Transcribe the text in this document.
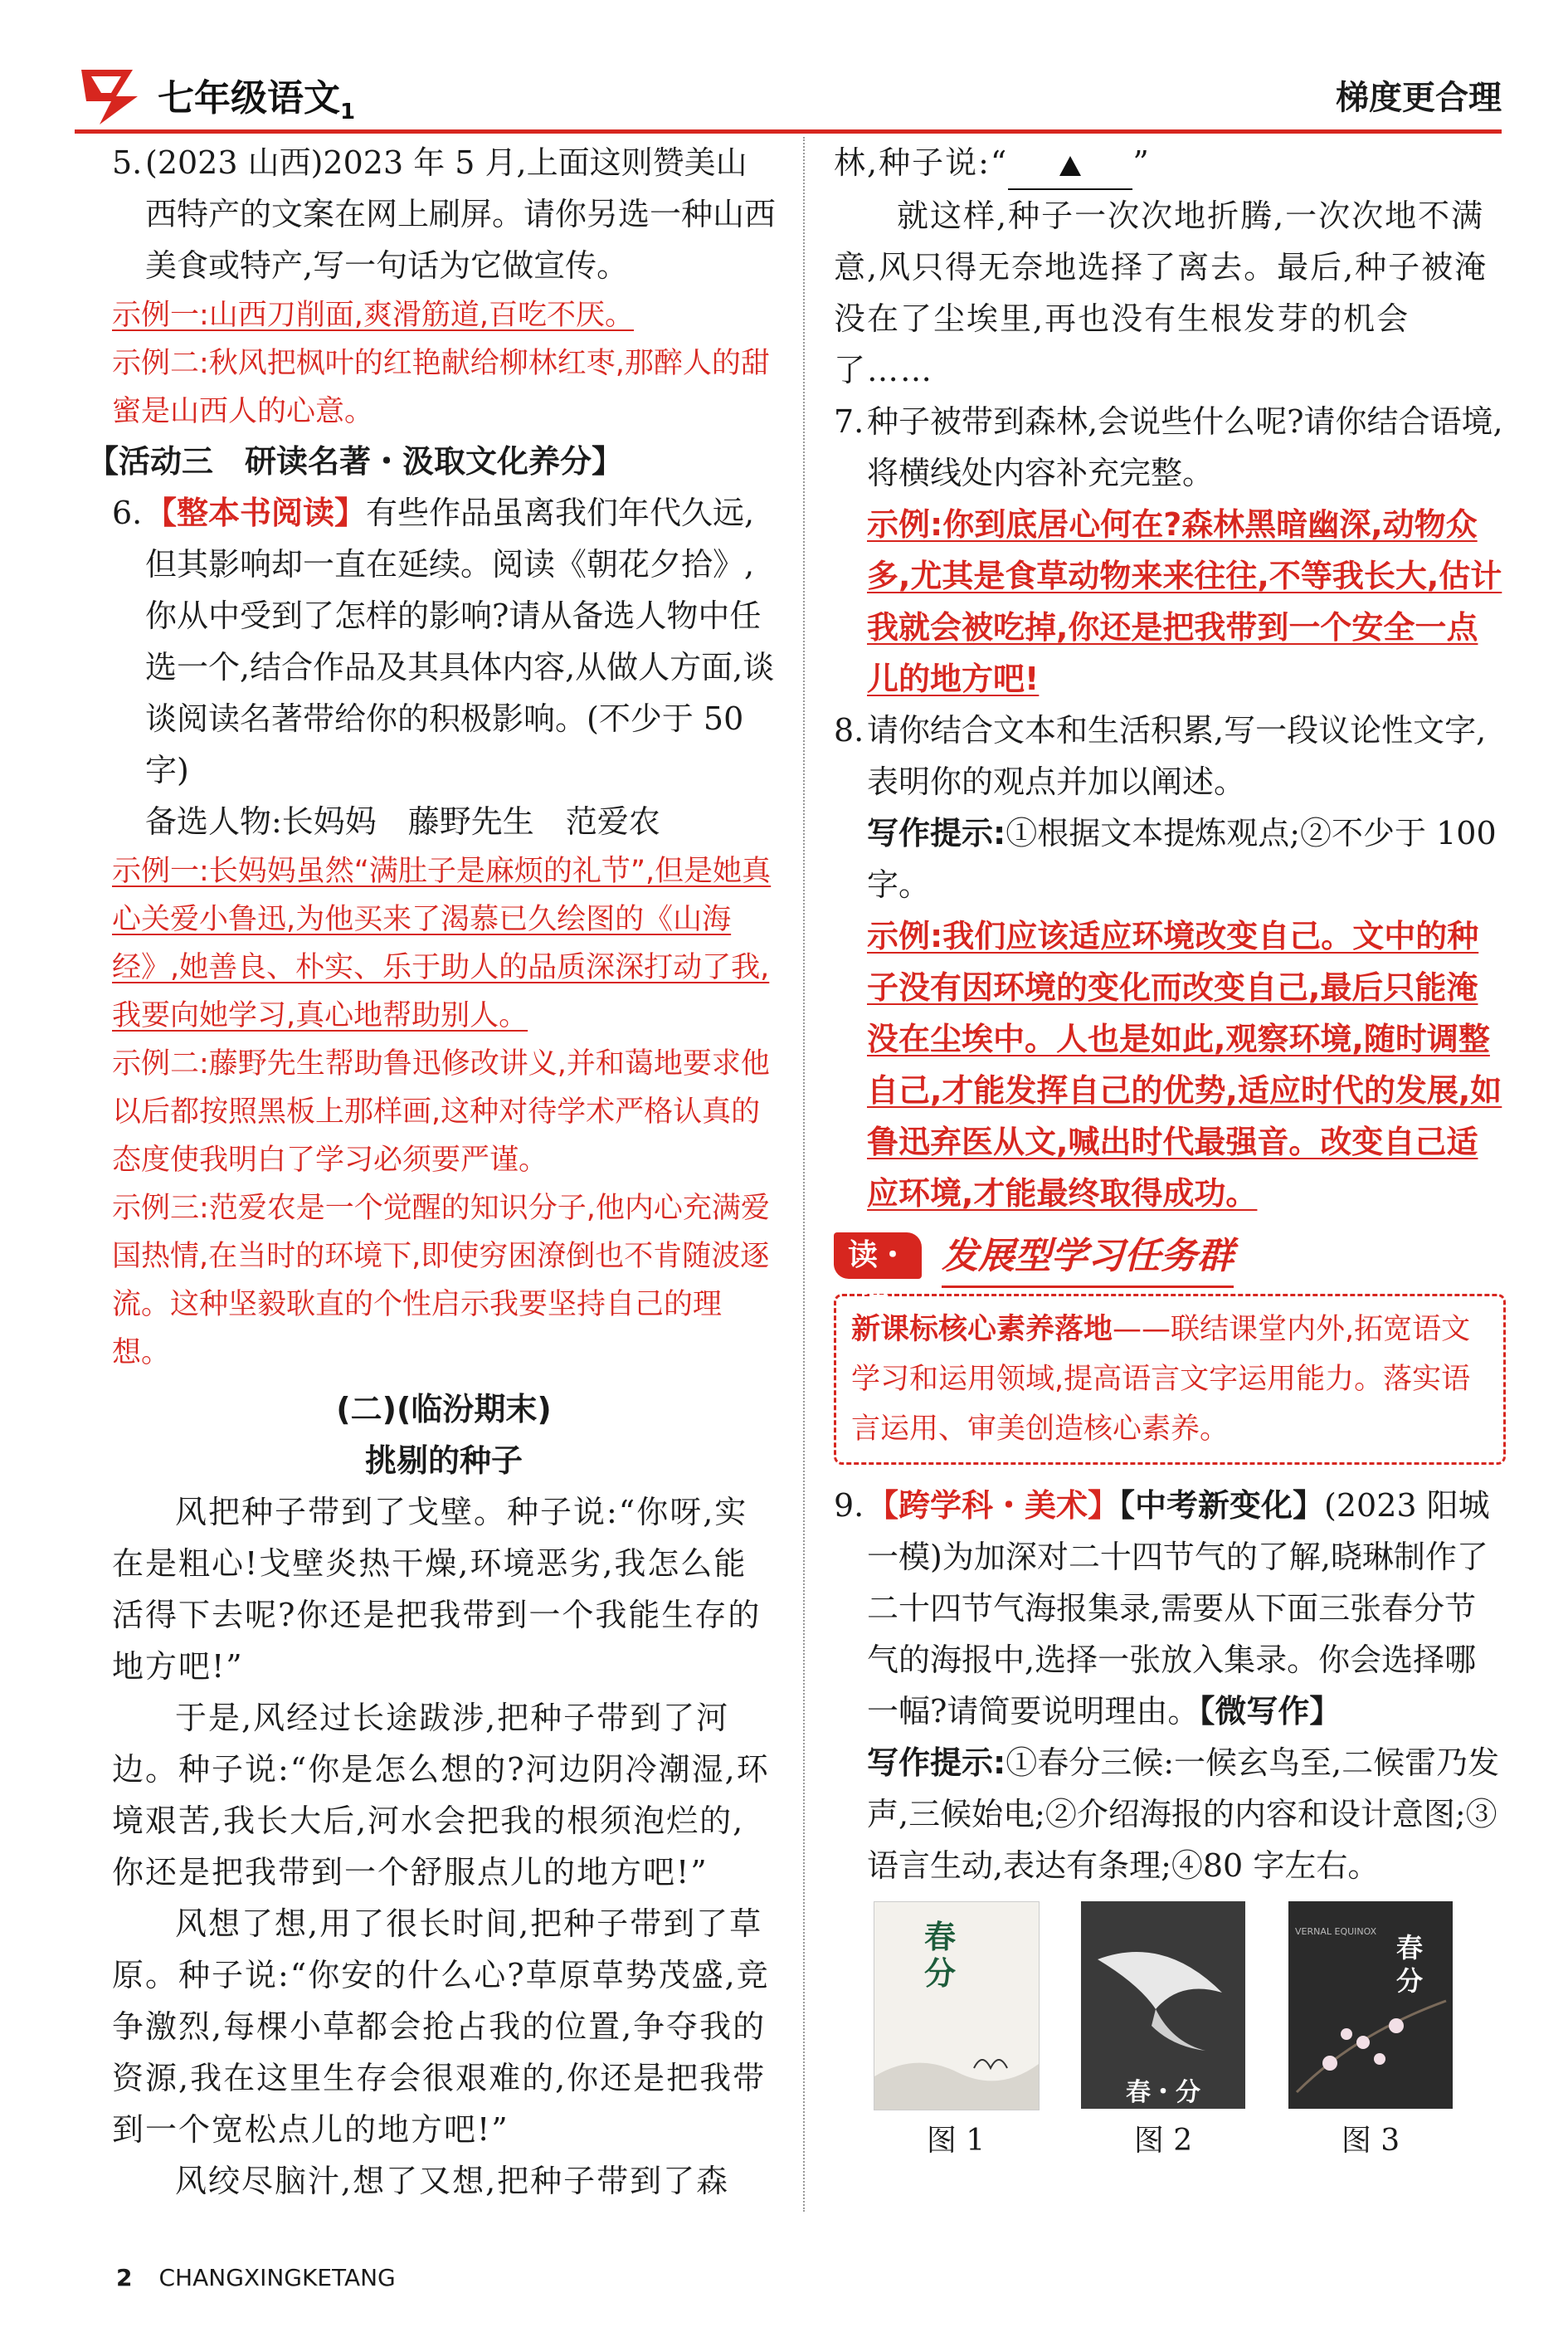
七年级语文$_1$	梯度更合理

5.(2023 山西)2023 年 5 月,上面这则赞美山西特产的文案在网上刷屏。请你另选一种山西美食或特产,写一句话为它做宣传。

示例一:山西刀削面,爽滑筋道,百吃不厌。

示例二:秋风把枫叶的红艳献给柳林红枣,那醉人的甜蜜是山西人的心意。

【活动三　研读名著・汲取文化养分】

6.【整本书阅读】有些作品虽离我们年代久远,但其影响却一直在延续。阅读《朝花夕拾》,你从中受到了怎样的影响?请从备选人物中任选一个,结合作品及其具体内容,从做人方面,谈谈阅读名著带给你的积极影响。(不少于 50 字)

备选人物:长妈妈　藤野先生　范爱农

示例一:长妈妈虽然“满肚子是麻烦的礼节”,但是她真心关爱小鲁迅,为他买来了渴慕已久绘图的《山海经》,她善良、朴实、乐于助人的品质深深打动了我,我要向她学习,真心地帮助别人。

示例二:藤野先生帮助鲁迅修改讲义,并和蔼地要求他以后都按照黑板上那样画,这种对待学术严格认真的态度使我明白了学习必须要严谨。

示例三:范爱农是一个觉醒的知识分子,他内心充满爱国热情,在当时的环境下,即使穷困潦倒也不肯随波逐流。这种坚毅耿直的个性启示我要坚持自己的理想。

(二)(临汾期末)

挑剔的种子

风把种子带到了戈壁。种子说:“你呀,实在是粗心!戈壁炎热干燥,环境恶劣,我怎么能活得下去呢?你还是把我带到一个我能生存的地方吧!”

于是,风经过长途跋涉,把种子带到了河边。种子说:“你是怎么想的?河边阴冷潮湿,环境艰苦,我长大后,河水会把我的根须泡烂的,你还是把我带到一个舒服点儿的地方吧!”

风想了想,用了很长时间,把种子带到了草原。种子说:“你安的什么心?草原草势茂盛,竞争激烈,每棵小草都会抢占我的位置,争夺我的资源,我在这里生存会很艰难的,你还是把我带到一个宽松点儿的地方吧!”

风绞尽脑汁,想了又想,把种子带到了森

林,种子说:“	”

就这样,种子一次次地折腾,一次次地不满意,风只得无奈地选择了离去。最后,种子被淹没在了尘埃里,再也没有生根发芽的机会了……

7.种子被带到森林,会说些什么呢?请你结合语境,将横线处内容补充完整。

示例:你到底居心何在?森林黑暗幽深,动物众多,尤其是食草动物来来往往,不等我长大,估计我就会被吃掉,你还是把我带到一个安全一点儿的地方吧!

8.请你结合文本和生活积累,写一段议论性文字,表明你的观点并加以阐述。

写作提示:①根据文本提炼观点;②不少于 100 字。

示例:我们应该适应环境改变自己。文中的种子没有因环境的变化而改变自己,最后只能淹没在尘埃中。人也是如此,观察环境,随时调整自己,才能发挥自己的优势,适应时代的发展,如鲁迅弃医从文,喊出时代最强音。改变自己适应环境,才能最终取得成功。

读・写
发展型学习任务群
新课标核心素养落地——联结课堂内外,拓宽语文学习和运用领域,提高语言文字运用能力。落实语言运用、审美创造核心素养。

9.【跨学科・美术】【中考新变化】(2023 阳城一模)为加深对二十四节气的了解,晓琳制作了二十四节气海报集录,需要从下面三张春分节气的海报中,选择一张放入集录。你会选择哪一幅?请简要说明理由。【微写作】

写作提示:①春分三候:一候玄鸟至,二候雷乃发声,三候始电;②介绍海报的内容和设计意图;③语言生动,表达有条理;④80 字左右。

春分
春・分
VERNAL EQUINOX
春分
图 1	图 2	图 3
2 CHANGXINGKETANG
